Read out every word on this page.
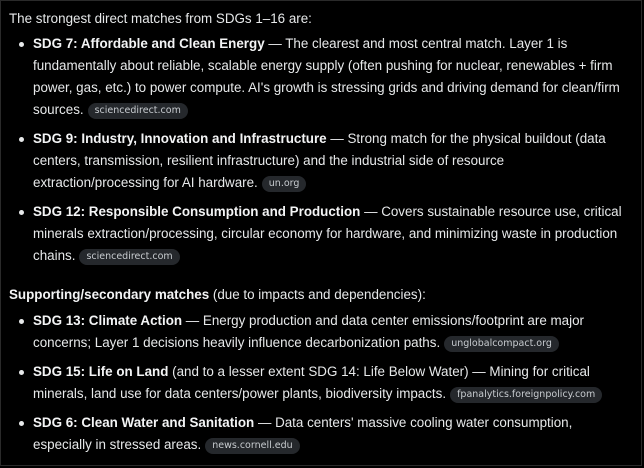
The strongest direct matches from SDGs 1–16 are:

SDG 7: Affordable and Clean Energy — The clearest and most central match. Layer 1 is fundamentally about reliable, scalable energy supply (often pushing for nuclear, renewables + firm power, gas, etc.) to power compute. AI's growth is stressing grids and driving demand for clean/firm sources. sciencedirect.com
SDG 9: Industry, Innovation and Infrastructure — Strong match for the physical buildout (data centers, transmission, resilient infrastructure) and the industrial side of resource extraction/processing for AI hardware. un.org
SDG 12: Responsible Consumption and Production — Covers sustainable resource use, critical minerals extraction/processing, circular economy for hardware, and minimizing waste in production chains. sciencedirect.com

Supporting/secondary matches (due to impacts and dependencies):

SDG 13: Climate Action — Energy production and data center emissions/footprint are major concerns; Layer 1 decisions heavily influence decarbonization paths. unglobalcompact.org
SDG 15: Life on Land (and to a lesser extent SDG 14: Life Below Water) — Mining for critical minerals, land use for data centers/power plants, biodiversity impacts. fpanalytics.foreignpolicy.com
SDG 6: Clean Water and Sanitation — Data centers' massive cooling water consumption, especially in stressed areas. news.cornell.edu
